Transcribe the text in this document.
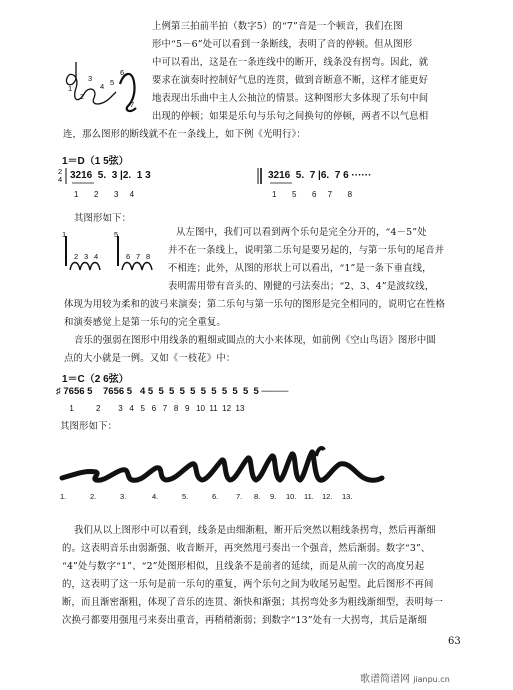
1
2
3
4 5
6
7

上例第三拍前半拍（数字5）的“7”音是一个顿音，我们在图

形中“5－6”处可以看到一条断线，表明了音的停顿。但从图形

中可以看出，这是在一条连线中的断开，线条没有拐弯。因此，就

要求在演奏时控制好气息的连贯，做到音断意不断，这样才能更好

地表现出乐曲中主人公抽泣的情景。这种图形大多体现了乐句中间

出现的停顿；如果是乐句与乐句之间换句的停顿，两者不以气息相

连，那么图形的断线就不在一条线上，如下例《光明行》：

1＝D（1 5弦）
2
4 3216  5.  3 |2.  1 3
1       2       3     4
3216  5.  7 |6.  7 6 ······
1       5       6     7       8
其图形如下：
1
2 3 4
5
6 7 8

从左图中，我们可以看到两个乐句是完全分开的，“4－5”处

并不在一条线上，说明第二乐句是要另起的，与第一乐句的尾音并

不相连；此外，从图的形状上可以看出，“1”是一条下垂直线，

表明需用带有音头的、刚健的弓法奏出；“2、3、4”是波纹线，

体现为用较为柔和的波弓来演奏；第二乐句与第一乐句的图形是完全相同的，说明它在性格

和演奏感觉上是第一乐句的完全重复。

音乐的强弱在图形中用线条的粗细或圆点的大小来体现，如前例《空山鸟语》图形中圆

点的大小就是一例。又如《一枝花》中：

1＝C（2 6弦）
♯ 7656 5    7656 5   4 5  5  5  5  5  5  5  5  5  5  5 ────
1          2        3   4   5   6   7   8   9   10  11  12  13
其图形如下：
1.	2.	3.	4.	5.	6. 7. 8. 9. 10. 11. 12. 13.

我们从以上图形中可以看到，线条是由细渐粗，断开后突然以粗线条拐弯，然后再渐细

的。这表明音乐由弱渐强、收音断开，再突然甩弓奏出一个强音，然后渐弱。数字“3”、

“4”处与数字“1”、“2”处图形相似，且线条不是前者的延续，而是从前一次的高度另起

的，这表明了这一乐句是前一乐句的重复，两个乐句之间为收尾另起型。此后图形不再间

断，而且渐密渐粗，体现了音乐的连贯、渐快和渐强；其拐弯处多为粗线渐细型，表明每一

次换弓都要用强甩弓来奏出重音，再稍稍渐弱；到数字“13”处有一大拐弯，其后是渐细

63
歌谱简谱网 jianpu.cn
